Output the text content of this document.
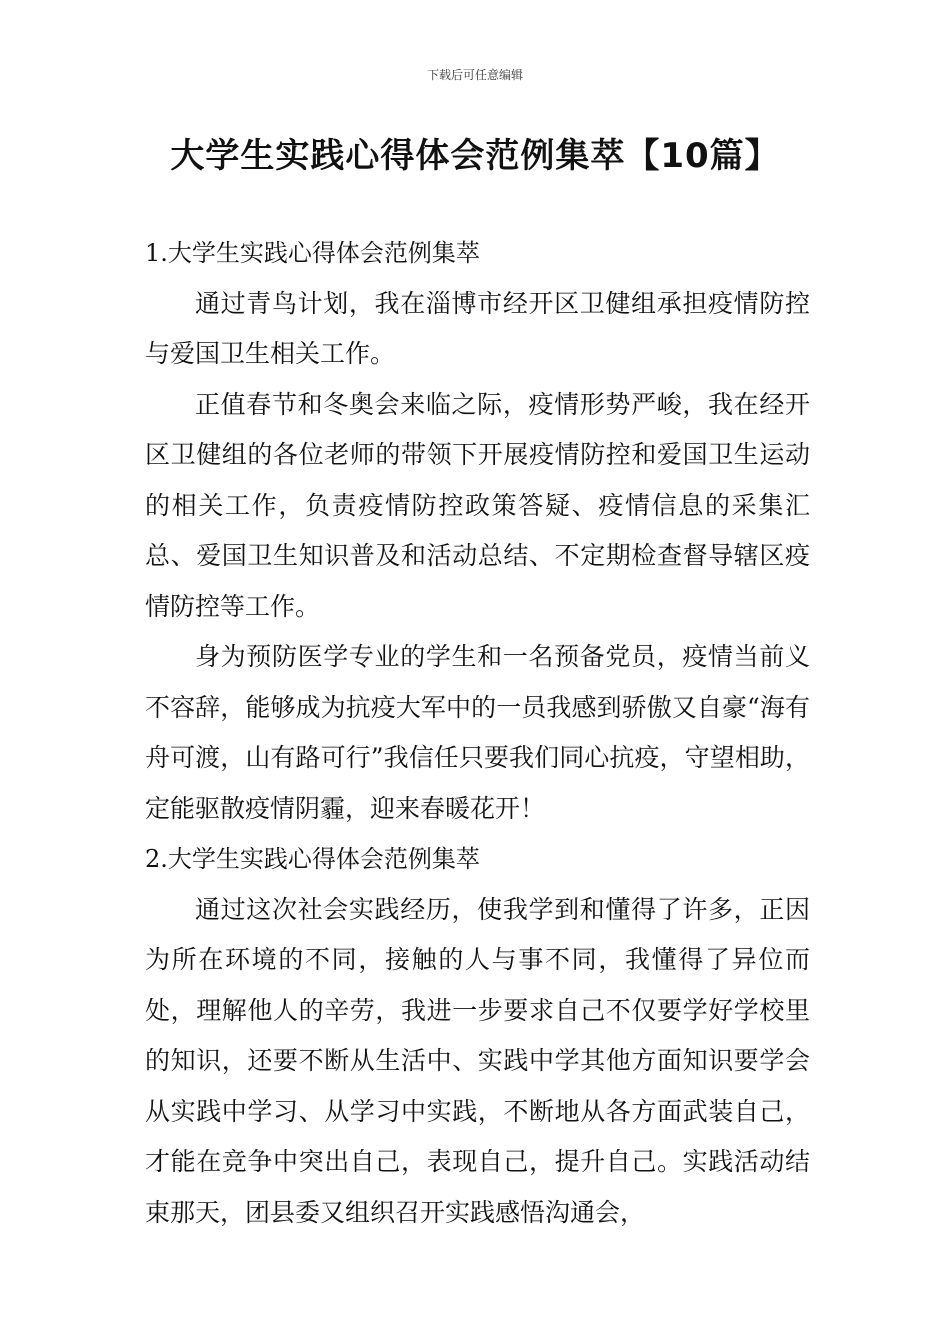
下载后可任意编辑
大学生实践心得体会范例集萃【10篇】

1.大学生实践心得体会范例集萃

通过青鸟计划，我在淄博市经开区卫健组承担疫情防控与爱国卫生相关工作。

正值春节和冬奥会来临之际，疫情形势严峻，我在经开区卫健组的各位老师的带领下开展疫情防控和爱国卫生运动的相关工作，负责疫情防控政策答疑、疫情信息的采集汇总、爱国卫生知识普及和活动总结、不定期检查督导辖区疫情防控等工作。

身为预防医学专业的学生和一名预备党员，疫情当前义不容辞，能够成为抗疫大军中的一员我感到骄傲又自豪“海有舟可渡，山有路可行”我信任只要我们同心抗疫，守望相助，定能驱散疫情阴霾，迎来春暖花开！

2.大学生实践心得体会范例集萃

通过这次社会实践经历，使我学到和懂得了许多，正因为所在环境的不同，接触的人与事不同，我懂得了异位而处，理解他人的辛劳，我进一步要求自己不仅要学好学校里的知识，还要不断从生活中、实践中学其他方面知识要学会从实践中学习、从学习中实践，不断地从各方面武装自己，才能在竞争中突出自己，表现自己，提升自己。实践活动结束那天，团县委又组织召开实践感悟沟通会，
